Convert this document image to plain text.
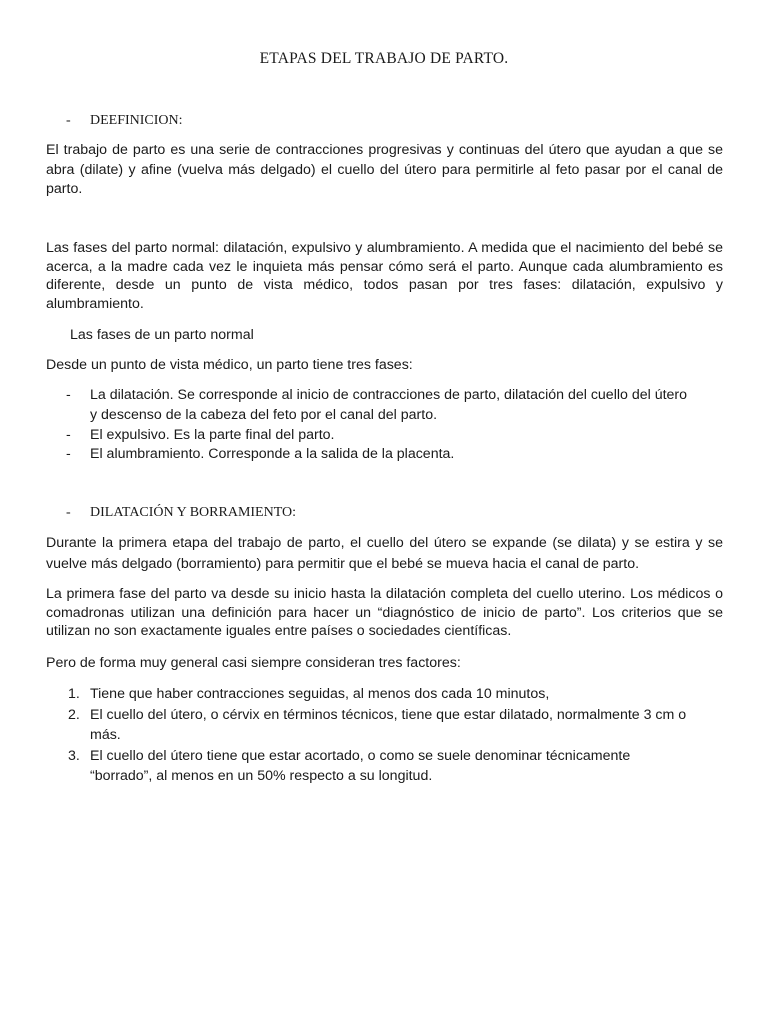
ETAPAS DEL TRABAJO DE PARTO.
- DEEFINICION:
El trabajo de parto es una serie de contracciones progresivas y continuas del útero que ayudan a que se abra (dilate) y afine (vuelva más delgado) el cuello del útero para permitirle al feto pasar por el canal de parto.
Las fases del parto normal: dilatación, expulsivo y alumbramiento. A medida que el nacimiento del bebé se acerca, a la madre cada vez le inquieta más pensar cómo será el parto. Aunque cada alumbramiento es diferente, desde un punto de vista médico, todos pasan por tres fases: dilatación, expulsivo y alumbramiento.
Las fases de un parto normal
Desde un punto de vista médico, un parto tiene tres fases:
- La dilatación. Se corresponde al inicio de contracciones de parto, dilatación del cuello del útero y descenso de la cabeza del feto por el canal del parto.
- El expulsivo. Es la parte final del parto.
- El alumbramiento. Corresponde a la salida de la placenta.
- DILATACIÓN Y BORRAMIENTO:
Durante la primera etapa del trabajo de parto, el cuello del útero se expande (se dilata) y se estira y se vuelve más delgado (borramiento) para permitir que el bebé se mueva hacia el canal de parto.
La primera fase del parto va desde su inicio hasta la dilatación completa del cuello uterino. Los médicos o comadronas utilizan una definición para hacer un “diagnóstico de inicio de parto”. Los criterios que se utilizan no son exactamente iguales entre países o sociedades científicas.
Pero de forma muy general casi siempre consideran tres factores:
1. Tiene que haber contracciones seguidas, al menos dos cada 10 minutos,
2. El cuello del útero, o cérvix en términos técnicos, tiene que estar dilatado, normalmente 3 cm o más.
3. El cuello del útero tiene que estar acortado, o como se suele denominar técnicamente “borrado”, al menos en un 50% respecto a su longitud.
